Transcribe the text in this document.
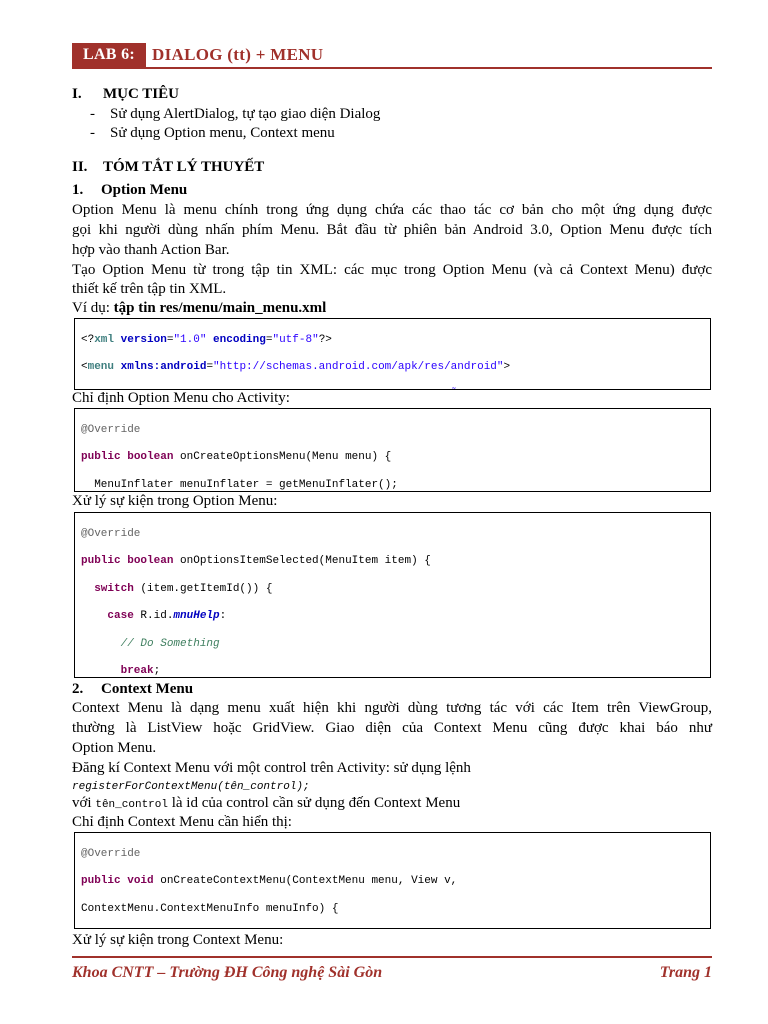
LAB 6: DIALOG (tt) + MENU
I. MỤC TIÊU
- Sử dụng AlertDialog, tự tạo giao diện Dialog
- Sử dụng Option menu, Context menu
II. TÓM TẮT LÝ THUYẾT
1. Option Menu
Option Menu là menu chính trong ứng dụng chứa các thao tác cơ bản cho một ứng dụng được
gọi khi người dùng nhấn phím Menu. Bắt đầu từ phiên bản Android 3.0, Option Menu được tích
hợp vào thanh Action Bar.
Tạo Option Menu từ trong tập tin XML: các mục trong Option Menu (và cả Context Menu) được
thiết kế trên tập tin XML.
Ví dụ: tập tin res/menu/main_menu.xml

<?xml version="1.0" encoding="utf-8"?>

<menu xmlns:android="http://schemas.android.com/apk/res/android">

Chỉ định Option Menu cho Activity:

@Override

public boolean onCreateOptionsMenu(Menu menu) {

MenuInflater menuInflater = getMenuInflater();

Xử lý sự kiện trong Option Menu:

@Override

public boolean onOptionsItemSelected(MenuItem item) {

switch (item.getItemId()) {

case R.id.mnuHelp:

// Do Something

break;

2. Context Menu
Context Menu là dạng menu xuất hiện khi người dùng tương tác với các Item trên ViewGroup,
thường là ListView hoặc GridView. Giao diện của Context Menu cũng được khai báo như
Option Menu.
Đăng kí Context Menu với một control trên Activity: sử dụng lệnh
registerForContextMenu(tên_control);
với tên_control là id của control cần sử dụng đến Context Menu
Chỉ định Context Menu cần hiển thị:

@Override

public void onCreateContextMenu(ContextMenu menu, View v,

ContextMenu.ContextMenuInfo menuInfo) {

Xử lý sự kiện trong Context Menu:
Khoa CNTT – Trường ĐH Công nghệ Sài Gòn	Trang 1
